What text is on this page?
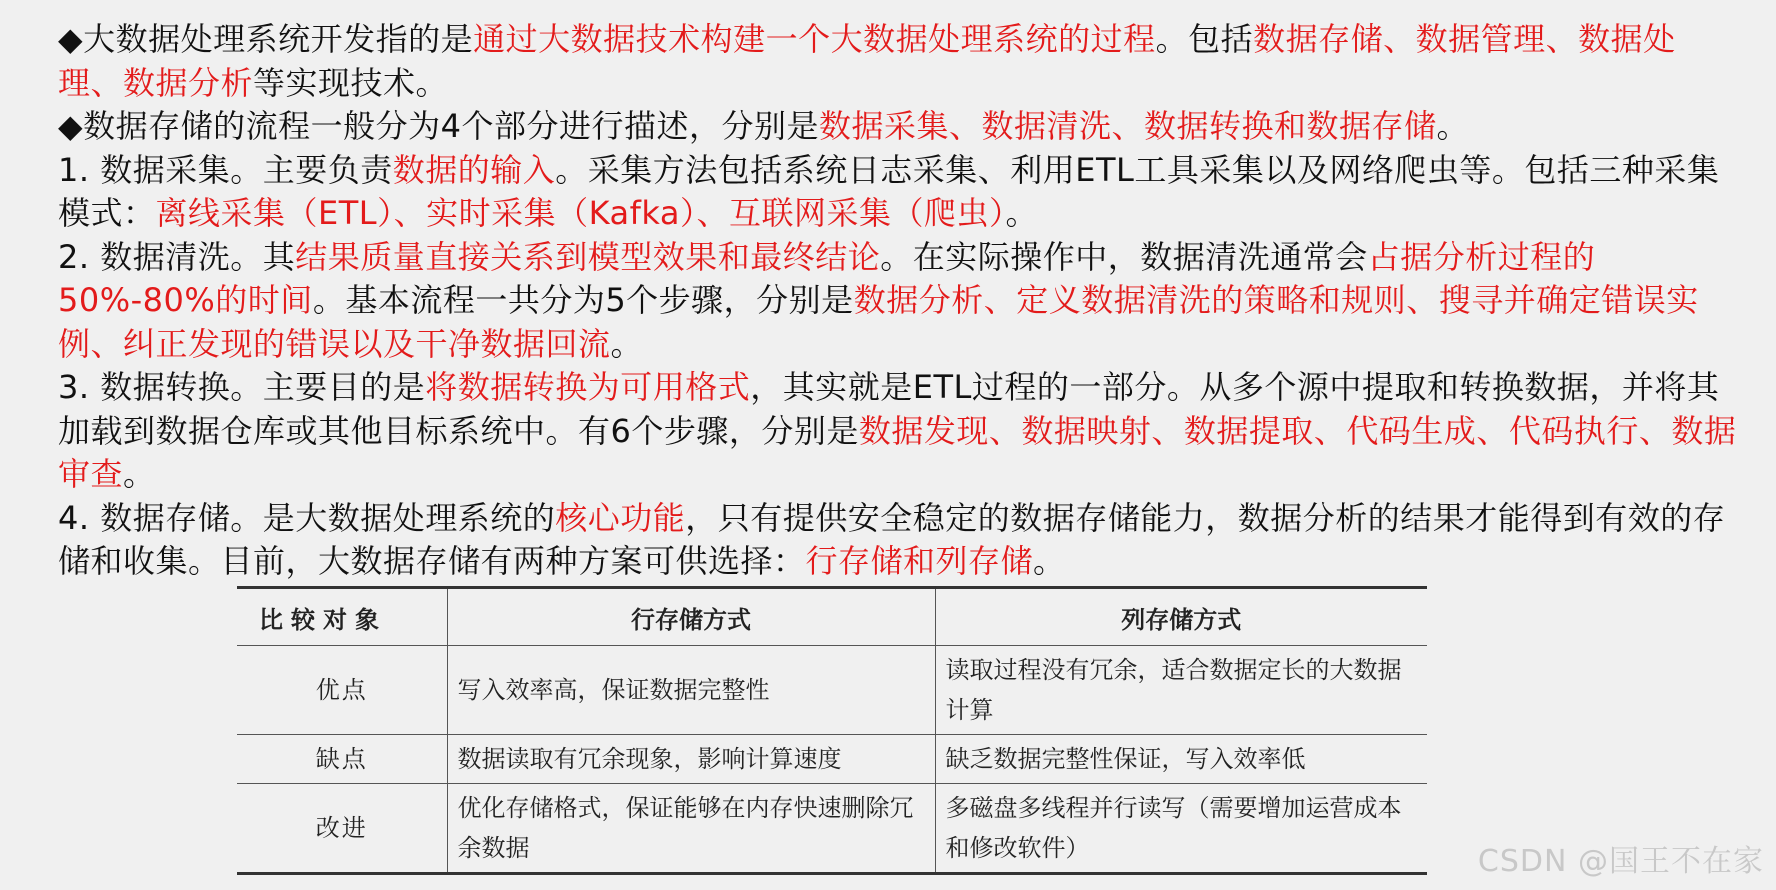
◆大数据处理系统开发指的是通过大数据技术构建一个大数据处理系统的过程。包括数据存储、数据管理、数据处理、数据分析等实现技术。

◆数据存储的流程一般分为4个部分进行描述，分别是数据采集、数据清洗、数据转换和数据存储。

1. 数据采集。主要负责数据的输入。采集方法包括系统日志采集、利用ETL工具采集以及网络爬虫等。包括三种采集模式：离线采集（ETL）、实时采集（Kafka）、互联网采集（爬虫）。

2. 数据清洗。其结果质量直接关系到模型效果和最终结论。在实际操作中，数据清洗通常会占据分析过程的50%-80%的时间。基本流程一共分为5个步骤，分别是数据分析、定义数据清洗的策略和规则、搜寻并确定错误实例、纠正发现的错误以及干净数据回流。

3. 数据转换。主要目的是将数据转换为可用格式，其实就是ETL过程的一部分。从多个源中提取和转换数据，并将其加载到数据仓库或其他目标系统中。有6个步骤，分别是数据发现、数据映射、数据提取、代码生成、代码执行、数据审查。

4. 数据存储。是大数据处理系统的核心功能，只有提供安全稳定的数据存储能力，数据分析的结果才能得到有效的存储和收集。目前，大数据存储有两种方案可供选择：行存储和列存储。

比较对象	行存储方式	列存储方式
优点	写入效率高，保证数据完整性	读取过程没有冗余，适合数据定长的大数据计算
缺点	数据读取有冗余现象，影响计算速度	缺乏数据完整性保证，写入效率低
改进	优化存储格式，保证能够在内存快速删除冗余数据	多磁盘多线程并行读写（需要增加运营成本和修改软件）	CSDN @国王不在家
